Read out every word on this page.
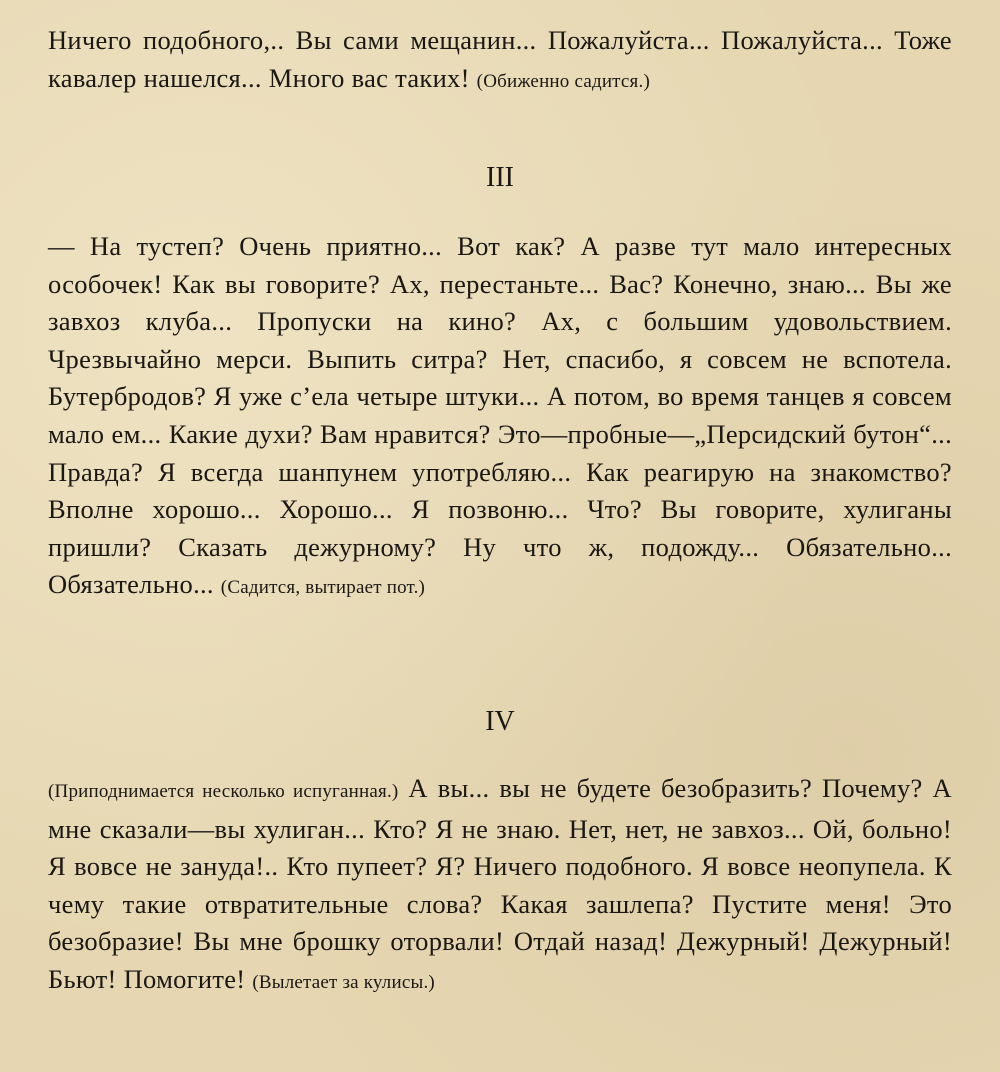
Ничего подобного,.. Вы сами мещанин... Пожалуйста... Пожалуйста... Тоже кавалер нашелся... Много вас таких! (Обиженно садится.)

III

— На тустеп? Очень приятно... Вот как? А разве тут мало интересных особочек! Как вы говорите? Ах, перестаньте... Вас? Конечно, знаю... Вы же завхоз клуба... Пропуски на кино? Ах, с большим удовольствием. Чрезвычайно мерси. Выпить ситра? Нет, спасибо, я совсем не вспотела. Бутербродов? Я уже с’ела четыре штуки... А потом, во время танцев я совсем мало ем... Какие духи? Вам нравится? Это—пробные—„Персидский бутон“... Правда? Я всегда шанпунем употребляю... Как реагирую на знакомство? Вполне хорошо... Хорошо... Я позвоню... Что? Вы говорите, хулиганы пришли? Сказать дежурному? Ну что ж, подожду... Обязательно... Обязательно... (Садится, вытирает пот.)

IV

(Приподнимается несколько испуганная.) А вы... вы не будете безобразить? Почему? А мне сказали—вы хулиган... Кто? Я не знаю. Нет, нет, не завхоз... Ой, больно! Я вовсе не зануда!.. Кто пупеет? Я? Ничего подобного. Я вовсе неопупела. К чему такие отвратительные слова? Какая зашлепа? Пустите меня! Это безобразие! Вы мне брошку оторвали! Отдай назад! Дежурный! Дежурный! Бьют! Помогите! (Вылетает за кулисы.)
